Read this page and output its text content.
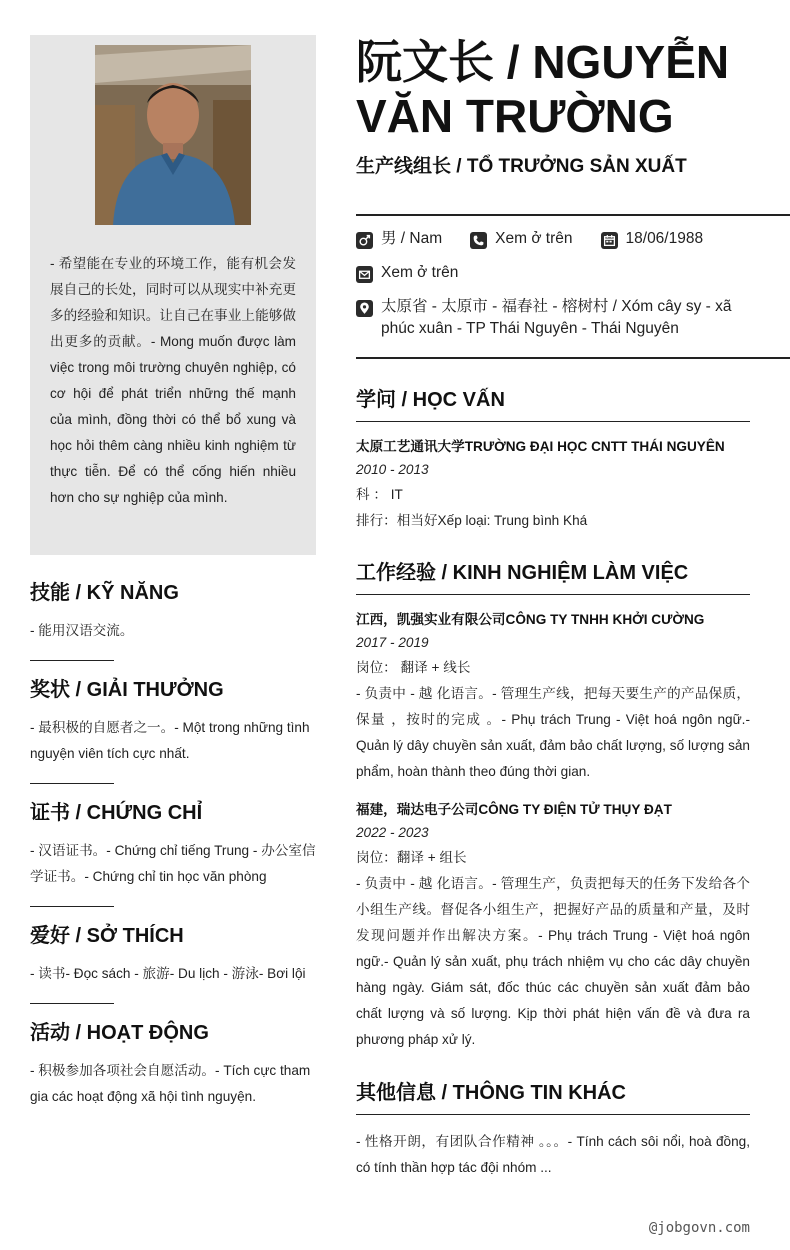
- 希望能在专业的环境工作，能有机会发展自己的长处，同时可以从现实中补充更多的经验和知识。让自己在事业上能够做出更多的贡献。- Mong muốn được làm việc trong môi trường chuyên nghiệp, có cơ hội để phát triển những thế mạnh của mình, đồng thời có thể bổ xung và học hỏi thêm càng nhiều kinh nghiệm từ thực tiễn. Để có thể cống hiến nhiều hơn cho sự nghiệp của mình.

技能 / KỸ NĂNG

- 能用汉语交流。

奖状 / GIẢI THƯỞNG

- 最积极的自愿者之一。- Một trong những tình nguyện viên tích cực nhất.

证书 / CHỨNG CHỈ

- 汉语证书。- Chứng chỉ tiếng Trung - 办公室信学证书。- Chứng chỉ tin học văn phòng

爱好 / SỞ THÍCH

- 读书- Đọc sách - 旅游- Du lịch - 游泳- Bơi lội

活动 / HOẠT ĐỘNG

- 积极参加各项社会自愿活动。- Tích cực tham gia các hoạt động xã hội tình nguyện.

阮文长 / NGUYỄN VĂN TRƯỜNG
生产线组长 / TỔ TRƯỞNG SẢN XUẤT
男 / Nam	Xem ở trên	18/06/1988
Xem ở trên
太原省 - 太原市 - 福春社 - 榕树村 / Xóm cây sy - xã phúc xuân - TP Thái Nguyên - Thái Nguyên
学问 / HỌC VẤN
太原工艺通讯大学TRƯỜNG ĐẠI HỌC CNTT THÁI NGUYÊN
2010 - 2013
科 ： IT
排行：相当好Xếp loại: Trung bình Khá
工作经验 / KINH NGHIỆM LÀM VIỆC
江西，凯强实业有限公司CÔNG TY TNHH KHỞI CƯỜNG
2017 - 2019
岗位： 翻译 + 线长

- 负责中 - 越 化语言。- 管理生产线，把每天要生产的产品保质，保量 ，按时的完成 。- Phụ trách Trung - Việt hoá ngôn ngữ.- Quản lý dây chuyền sản xuất, đảm bảo chất lượng, số lượng sản phẩm, hoàn thành theo đúng thời gian.

福建，瑞达电子公司CÔNG TY ĐIỆN TỬ THỤY ĐẠT
2022 - 2023
岗位：翻译 + 组长

- 负责中 - 越 化语言。- 管理生产，负责把每天的任务下发给各个小组生产线。督促各小组生产，把握好产品的质量和产量，及时发现问题并作出解决方案。- Phụ trách Trung - Việt hoá ngôn ngữ.- Quản lý sản xuất, phụ trách nhiệm vụ cho các dây chuyền hàng ngày. Giám sát, đốc thúc các chuyền sản xuất đảm bảo chất lượng và số lượng. Kịp thời phát hiện vấn đề và đưa ra phương pháp xử lý.

其他信息 / THÔNG TIN KHÁC

- 性格开朗，有团队合作精神 。。。- Tính cách sôi nổi, hoà đồng, có tính thần hợp tác đội nhóm ...

@jobgovn.com
